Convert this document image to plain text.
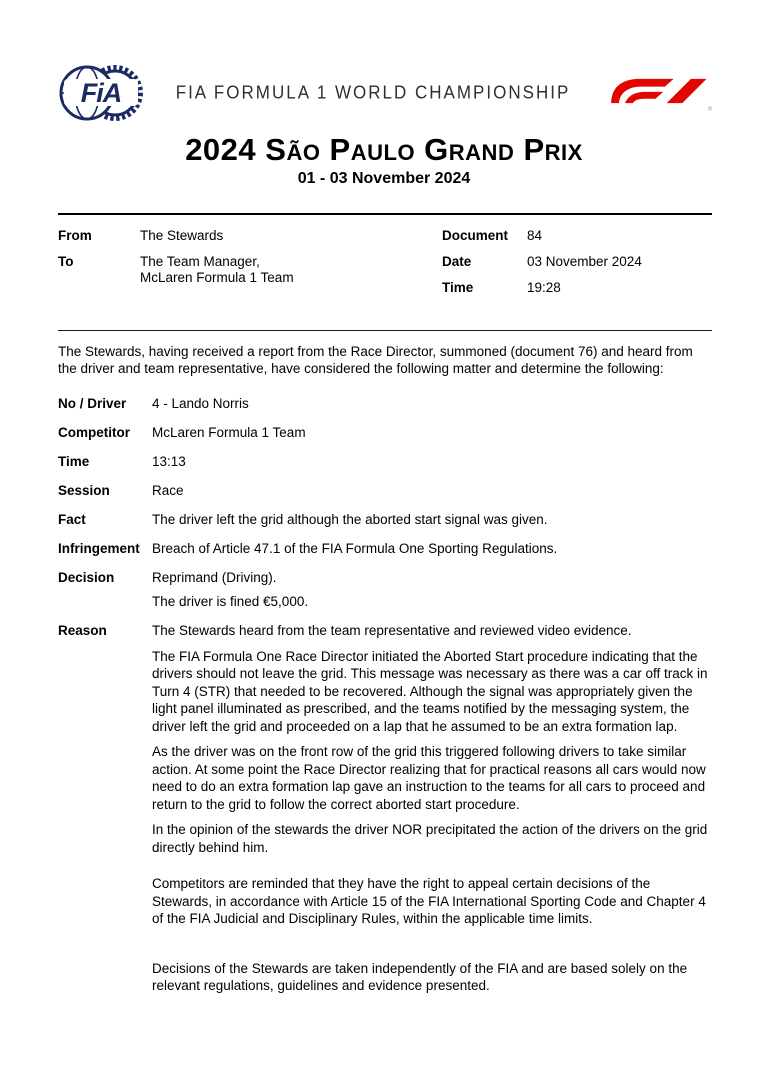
FiA	FIA FORMULA 1 WORLD CHAMPIONSHIP
®
2024 São Paulo Grand Prix
01 - 03 November 2024
From	The Stewards
To	The Team Manager,
McLaren Formula 1 Team
Document	84
Date	03 November 2024
Time	19:28

The Stewards, having received a report from the Race Director, summoned (document 76) and heard from the driver and team representative, have considered the following matter and determine the following:

No / Driver	4 - Lando Norris
Competitor	McLaren Formula 1 Team
Time	13:13
Session	Race
Fact	The driver left the grid although the aborted start signal was given.
Infringement Breach of Article 47.1 of the FIA Formula One Sporting Regulations.
Decision	Reprimand (Driving).
The driver is fined €5,000.
Reason	The Stewards heard from the team representative and reviewed video evidence.

The FIA Formula One Race Director initiated the Aborted Start procedure indicating that the drivers should not leave the grid. This message was necessary as there was a car off track in Turn 4 (STR) that needed to be recovered. Although the signal was appropriately given the light panel illuminated as prescribed, and the teams notified by the messaging system, the driver left the grid and proceeded on a lap that he assumed to be an extra formation lap.

As the driver was on the front row of the grid this triggered following drivers to take similar action. At some point the Race Director realizing that for practical reasons all cars would now need to do an extra formation lap gave an instruction to the teams for all cars to proceed and return to the grid to follow the correct aborted start procedure.

In the opinion of the stewards the driver NOR precipitated the action of the drivers on the grid directly behind him.

Competitors are reminded that they have the right to appeal certain decisions of the Stewards, in accordance with Article 15 of the FIA International Sporting Code and Chapter 4 of the FIA Judicial and Disciplinary Rules, within the applicable time limits.

Decisions of the Stewards are taken independently of the FIA and are based solely on the relevant regulations, guidelines and evidence presented.
